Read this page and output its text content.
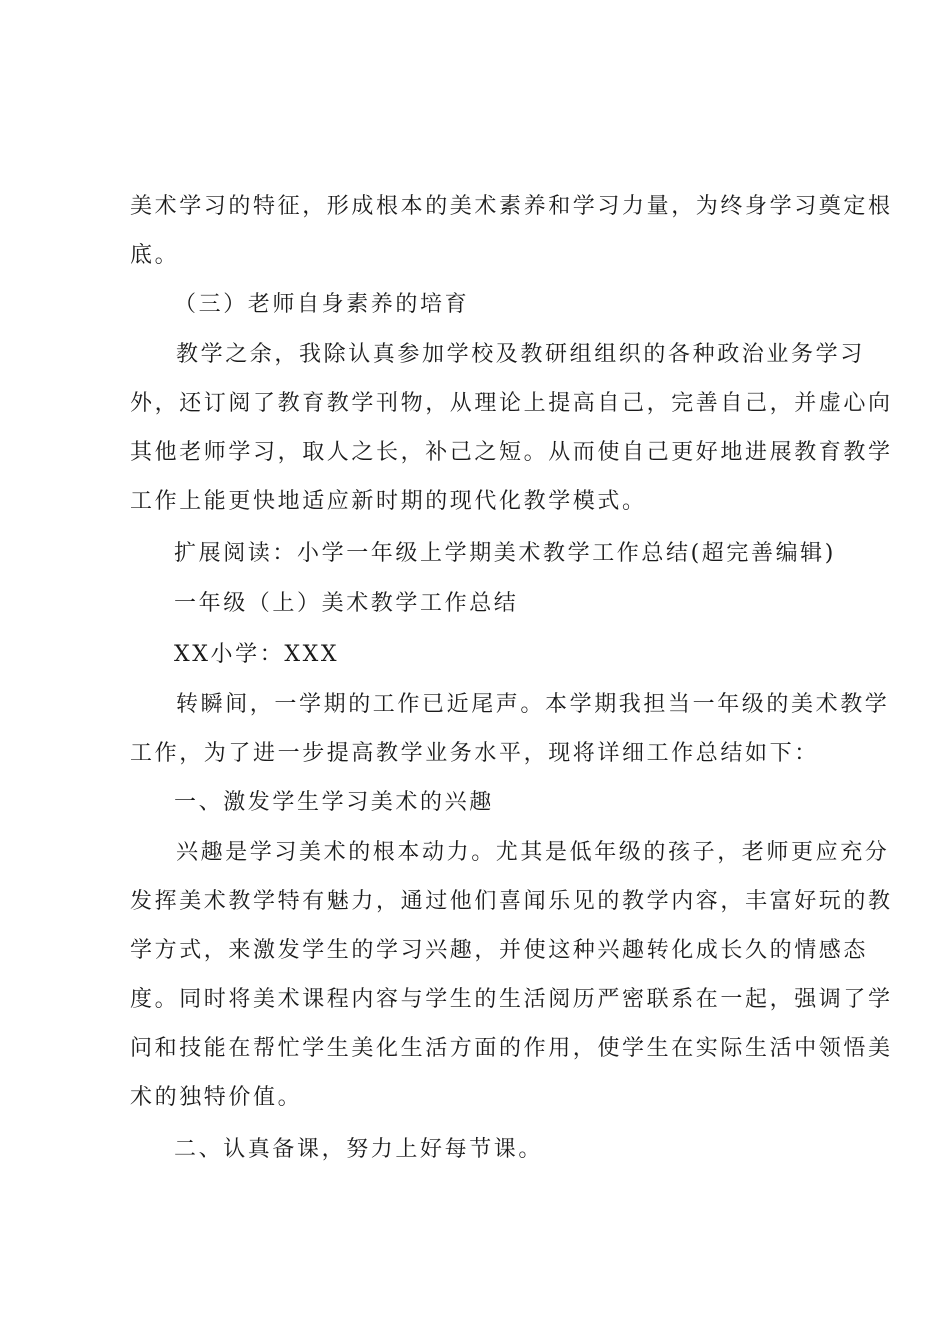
美术学习的特征，形成根本的美术素养和学习力量，为终身学习奠定根
底。
（三）老师自身素养的培育
教学之余，我除认真参加学校及教研组组织的各种政治业务学习
外，还订阅了教育教学刊物，从理论上提高自己，完善自己，并虚心向
其他老师学习，取人之长，补己之短。从而使自己更好地进展教育教学
工作上能更快地适应新时期的现代化教学模式。
扩展阅读：小学一年级上学期美术教学工作总结(超完善编辑)
一年级（上）美术教学工作总结
XX小学：XXX
转瞬间，一学期的工作已近尾声。本学期我担当一年级的美术教学
工作，为了进一步提高教学业务水平，现将详细工作总结如下：
一、激发学生学习美术的兴趣
兴趣是学习美术的根本动力。尤其是低年级的孩子，老师更应充分
发挥美术教学特有魅力，通过他们喜闻乐见的教学内容，丰富好玩的教
学方式，来激发学生的学习兴趣，并使这种兴趣转化成长久的情感态
度。同时将美术课程内容与学生的生活阅历严密联系在一起，强调了学
问和技能在帮忙学生美化生活方面的作用，使学生在实际生活中领悟美
术的独特价值。
二、认真备课，努力上好每节课。
